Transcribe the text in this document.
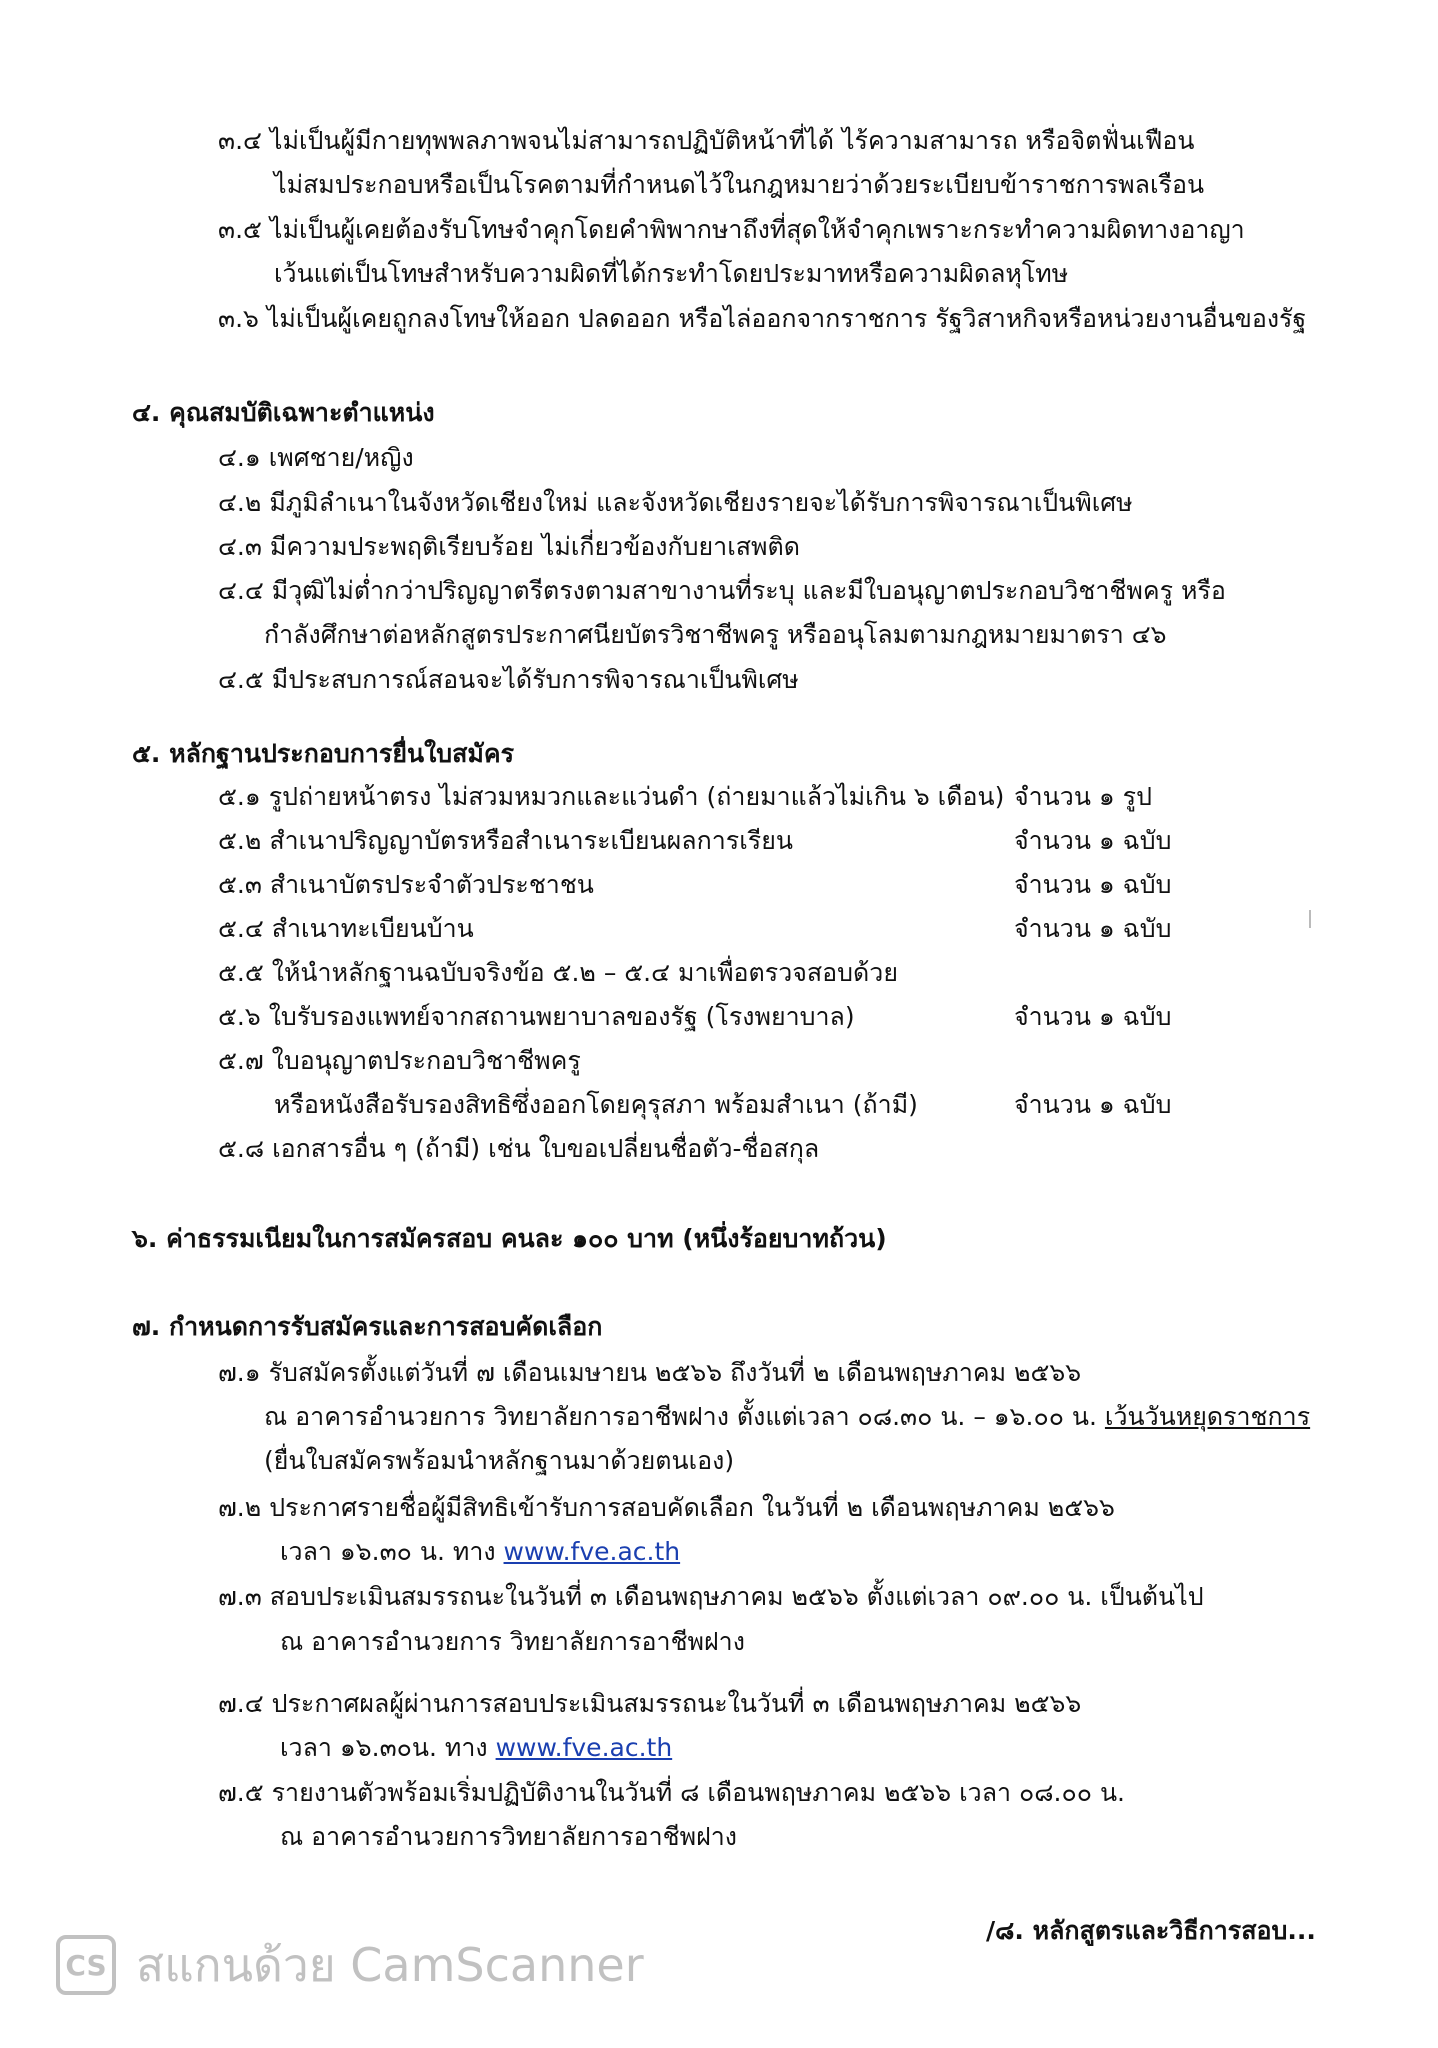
๓.๔ ไม่เป็นผู้มีกายทุพพลภาพจนไม่สามารถปฏิบัติหน้าที่ได้ ไร้ความสามารถ หรือจิตฟั่นเฟือน
ไม่สมประกอบหรือเป็นโรคตามที่กำหนดไว้ในกฎหมายว่าด้วยระเบียบข้าราชการพลเรือน
๓.๕ ไม่เป็นผู้เคยต้องรับโทษจำคุกโดยคำพิพากษาถึงที่สุดให้จำคุกเพราะกระทำความผิดทางอาญา
เว้นแต่เป็นโทษสำหรับความผิดที่ได้กระทำโดยประมาทหรือความผิดลหุโทษ
๓.๖ ไม่เป็นผู้เคยถูกลงโทษให้ออก ปลดออก หรือไล่ออกจากราชการ รัฐวิสาหกิจหรือหน่วยงานอื่นของรัฐ
๔. คุณสมบัติเฉพาะตำแหน่ง
๔.๑ เพศชาย/หญิง
๔.๒ มีภูมิลำเนาในจังหวัดเชียงใหม่ และจังหวัดเชียงรายจะได้รับการพิจารณาเป็นพิเศษ
๔.๓ มีความประพฤติเรียบร้อย ไม่เกี่ยวข้องกับยาเสพติด
๔.๔ มีวุฒิไม่ต่ำกว่าปริญญาตรีตรงตามสาขางานที่ระบุ และมีใบอนุญาตประกอบวิชาชีพครู หรือ
กำลังศึกษาต่อหลักสูตรประกาศนียบัตรวิชาชีพครู หรืออนุโลมตามกฎหมายมาตรา ๔๖
๔.๕ มีประสบการณ์สอนจะได้รับการพิจารณาเป็นพิเศษ
๕. หลักฐานประกอบการยื่นใบสมัคร
๕.๑ รูปถ่ายหน้าตรง ไม่สวมหมวกและแว่นดำ (ถ่ายมาแล้วไม่เกิน ๖ เดือน) จำนวน ๑ รูป
๕.๒ สำเนาปริญญาบัตรหรือสำเนาระเบียนผลการเรียน	จำนวน ๑ ฉบับ
๕.๓ สำเนาบัตรประจำตัวประชาชน	จำนวน ๑ ฉบับ
๕.๔ สำเนาทะเบียนบ้าน	จำนวน ๑ ฉบับ
๕.๕ ให้นำหลักฐานฉบับจริงข้อ ๕.๒ – ๕.๔ มาเพื่อตรวจสอบด้วย
๕.๖ ใบรับรองแพทย์จากสถานพยาบาลของรัฐ (โรงพยาบาล)	จำนวน ๑ ฉบับ
๕.๗ ใบอนุญาตประกอบวิชาชีพครู
หรือหนังสือรับรองสิทธิซึ่งออกโดยคุรุสภา พร้อมสำเนา (ถ้ามี)	จำนวน ๑ ฉบับ
๕.๘ เอกสารอื่น ๆ (ถ้ามี) เช่น ใบขอเปลี่ยนชื่อตัว-ชื่อสกุล
๖. ค่าธรรมเนียมในการสมัครสอบ คนละ ๑๐๐ บาท (หนึ่งร้อยบาทถ้วน)
๗. กำหนดการรับสมัครและการสอบคัดเลือก
๗.๑ รับสมัครตั้งแต่วันที่ ๗ เดือนเมษายน ๒๕๖๖ ถึงวันที่ ๒ เดือนพฤษภาคม ๒๕๖๖
ณ อาคารอำนวยการ วิทยาลัยการอาชีพฝาง ตั้งแต่เวลา ๐๘.๓๐ น. – ๑๖.๐๐ น. เว้นวันหยุดราชการ
(ยื่นใบสมัครพร้อมนำหลักฐานมาด้วยตนเอง)
๗.๒ ประกาศรายชื่อผู้มีสิทธิเข้ารับการสอบคัดเลือก ในวันที่ ๒ เดือนพฤษภาคม ๒๕๖๖
เวลา ๑๖.๓๐ น. ทาง www.fve.ac.th
๗.๓ สอบประเมินสมรรถนะในวันที่ ๓ เดือนพฤษภาคม ๒๕๖๖ ตั้งแต่เวลา ๐๙.๐๐ น. เป็นต้นไป
ณ อาคารอำนวยการ วิทยาลัยการอาชีพฝาง
๗.๔ ประกาศผลผู้ผ่านการสอบประเมินสมรรถนะในวันที่ ๓ เดือนพฤษภาคม ๒๕๖๖
เวลา ๑๖.๓๐น. ทาง www.fve.ac.th
๗.๕ รายงานตัวพร้อมเริ่มปฏิบัติงานในวันที่ ๘ เดือนพฤษภาคม ๒๕๖๖ เวลา ๐๘.๐๐ น.
ณ อาคารอำนวยการวิทยาลัยการอาชีพฝาง
/๘. หลักสูตรและวิธีการสอบ...
CS สแกนด้วย CamScanner
